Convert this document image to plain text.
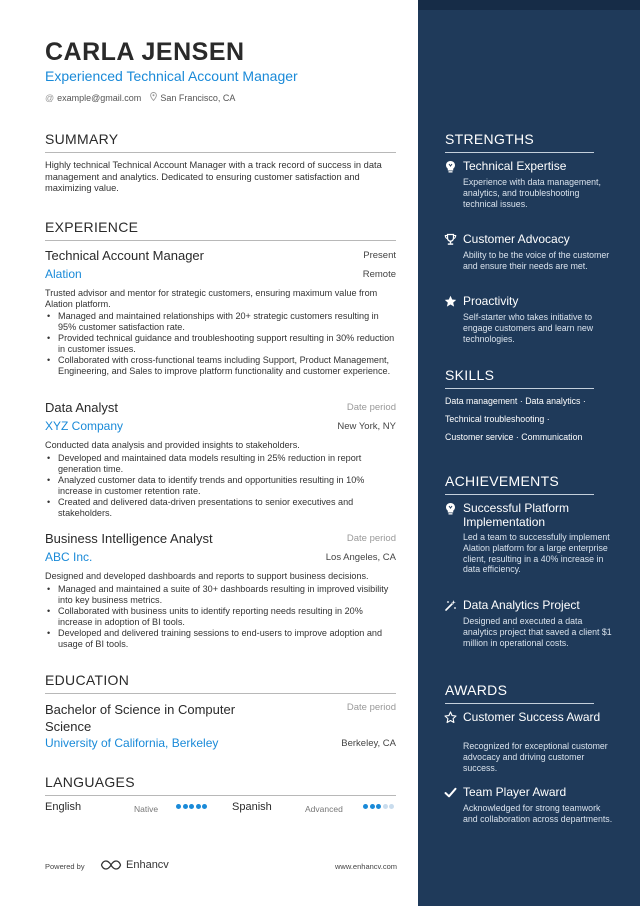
CARLA JENSEN
Experienced Technical Account Manager
@ example@gmail.com San Francisco, CA
SUMMARY
Highly technical Technical Account Manager with a track record of success in data management and analytics. Dedicated to ensuring customer satisfaction and maximizing value.
EXPERIENCE
Technical Account Manager	Present
Alation	Remote
Trusted advisor and mentor for strategic customers, ensuring maximum value from Alation platform.
• Managed and maintained relationships with 20+ strategic customers resulting in 95% customer satisfaction rate.
• Provided technical guidance and troubleshooting support resulting in 30% reduction in customer issues.
• Collaborated with cross-functional teams including Support, Product Management, Engineering, and Sales to improve platform functionality and customer experience.
Data Analyst	Date period
XYZ Company	New York, NY
Conducted data analysis and provided insights to stakeholders.
• Developed and maintained data models resulting in 25% reduction in report generation time.
• Analyzed customer data to identify trends and opportunities resulting in 10% increase in customer retention rate.
• Created and delivered data-driven presentations to senior executives and stakeholders.
Business Intelligence Analyst	Date period
ABC Inc.	Los Angeles, CA
Designed and developed dashboards and reports to support business decisions.
• Managed and maintained a suite of 30+ dashboards resulting in improved visibility into key business metrics.
• Collaborated with business units to identify reporting needs resulting in 20% increase in adoption of BI tools.
• Developed and delivered training sessions to end-users to improve adoption and usage of BI tools.
EDUCATION
Bachelor of Science in Computer Science
Date period
University of California, Berkeley	Berkeley, CA
LANGUAGES
English	Native	Spanish	Advanced
Powered by	Enhancv	www.enhancv.com
STRENGTHS
Technical Expertise
Experience with data management, analytics, and troubleshooting technical issues.
Customer Advocacy
Ability to be the voice of the customer and ensure their needs are met.
Proactivity
Self-starter who takes initiative to engage customers and learn new technologies.
SKILLS
Data management · Data analytics ·
Technical troubleshooting ·
Customer service · Communication
ACHIEVEMENTS
Successful Platform Implementation
Led a team to successfully implement Alation platform for a large enterprise client, resulting in a 40% increase in data efficiency.
Data Analytics Project
Designed and executed a data analytics project that saved a client $1 million in operational costs.
AWARDS
Customer Success Award
Recognized for exceptional customer advocacy and driving customer success.
Team Player Award
Acknowledged for strong teamwork and collaboration across departments.
